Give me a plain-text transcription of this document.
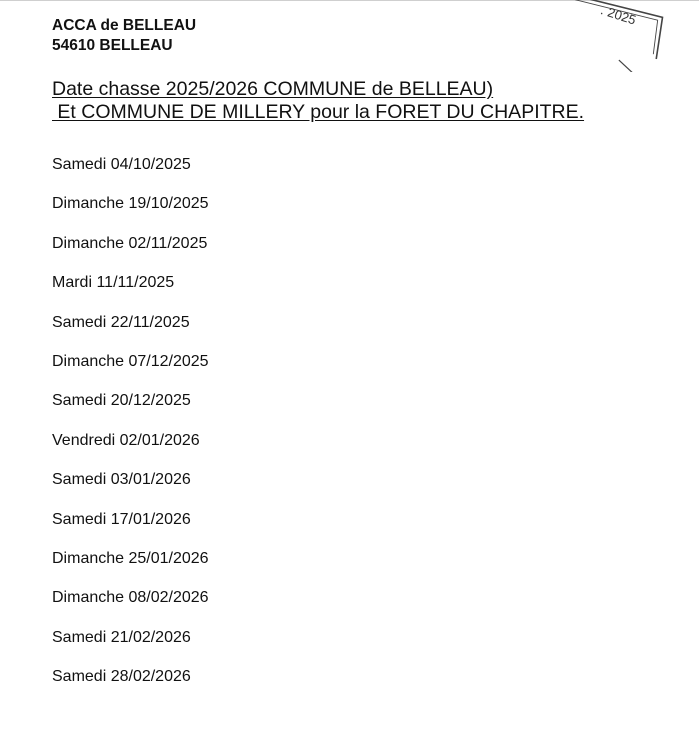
ACCA de BELLEAU
54610 BELLEAU
. 2025
Date chasse 2025/2026 COMMUNE de BELLEAU)
Et COMMUNE DE MILLERY pour la FORET DU CHAPITRE.
Samedi 04/10/2025
Dimanche 19/10/2025
Dimanche 02/11/2025
Mardi 11/11/2025
Samedi 22/11/2025
Dimanche 07/12/2025
Samedi 20/12/2025
Vendredi 02/01/2026
Samedi 03/01/2026
Samedi 17/01/2026
Dimanche 25/01/2026
Dimanche 08/02/2026
Samedi 21/02/2026
Samedi 28/02/2026
